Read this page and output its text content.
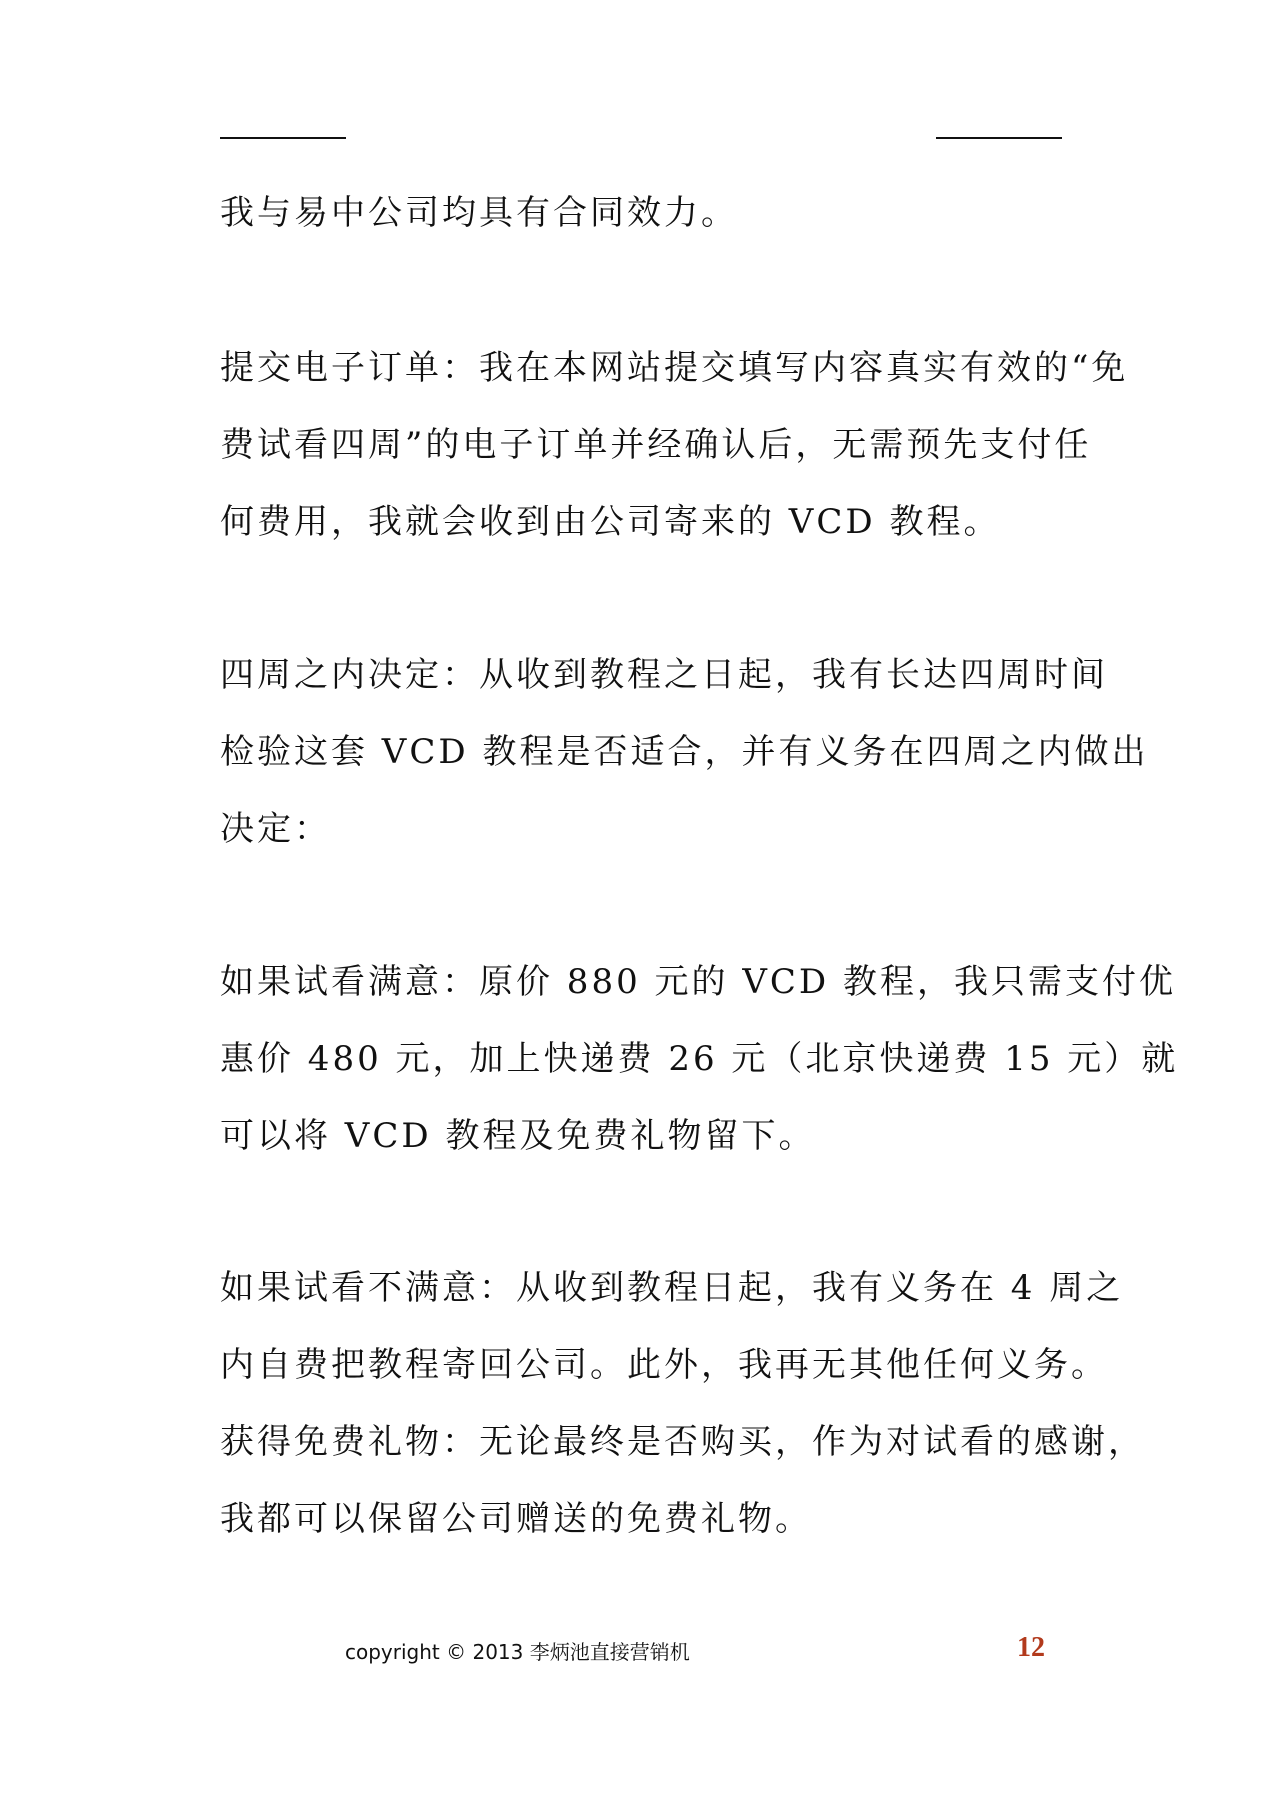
我与易中公司均具有合同效力。
提交电子订单：我在本网站提交填写内容真实有效的“免
费试看四周”的电子订单并经确认后，无需预先支付任
何费用，我就会收到由公司寄来的 VCD 教程。
四周之内决定：从收到教程之日起，我有长达四周时间
检验这套 VCD 教程是否适合，并有义务在四周之内做出
决定：
如果试看满意：原价 880 元的 VCD 教程，我只需支付优
惠价 480 元，加上快递费 26 元（北京快递费 15 元）就
可以将 VCD 教程及免费礼物留下。
如果试看不满意：从收到教程日起，我有义务在 4 周之
内自费把教程寄回公司。此外，我再无其他任何义务。
获得免费礼物：无论最终是否购买，作为对试看的感谢，
我都可以保留公司赠送的免费礼物。
copyright © 2013 李炳池直接营销机	12
